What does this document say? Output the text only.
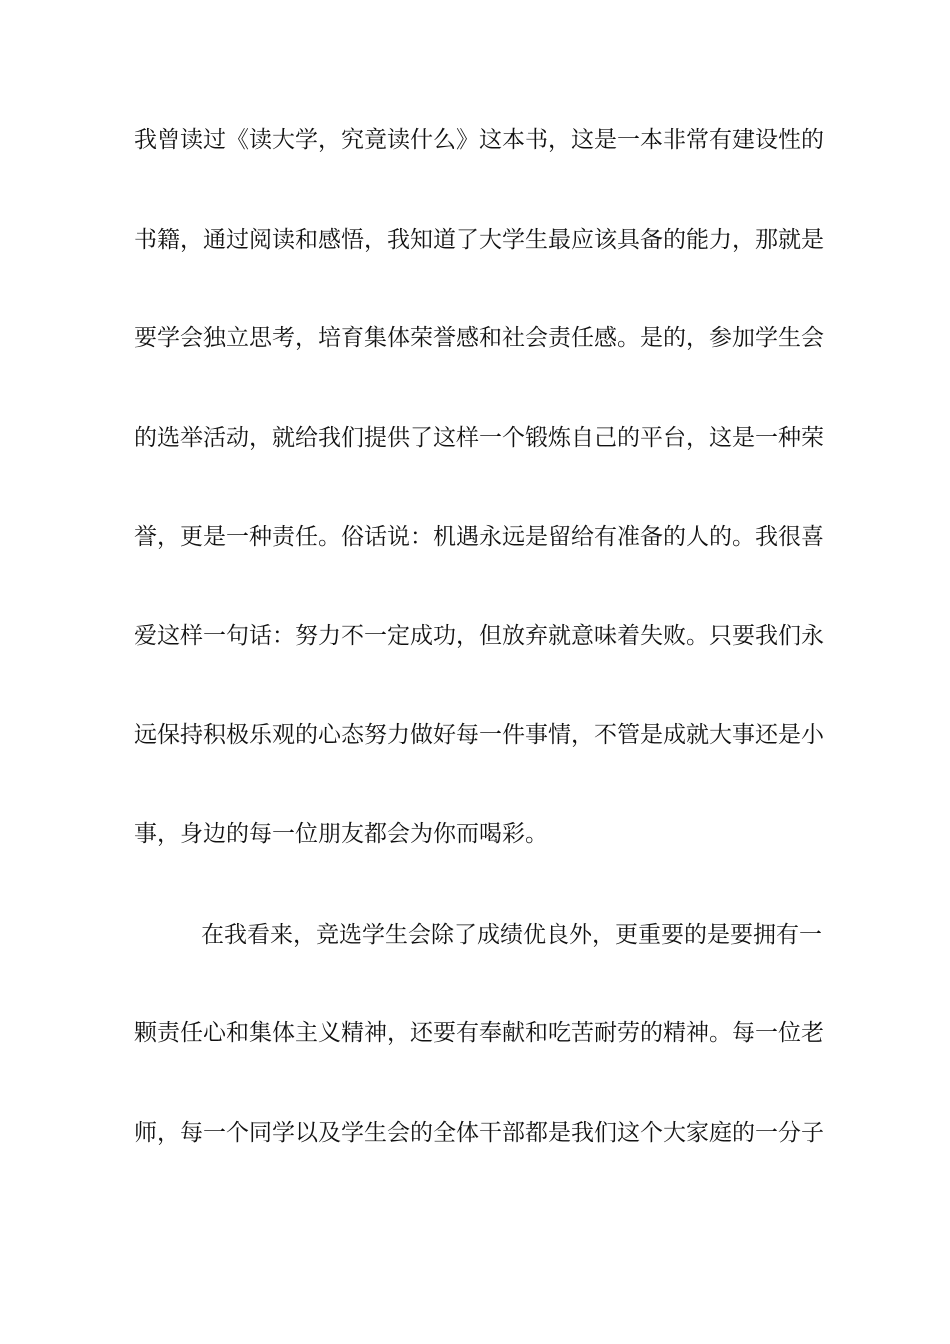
我曾读过《读大学，究竟读什么》这本书，这是一本非常有建设性的
书籍，通过阅读和感悟，我知道了大学生最应该具备的能力，那就是
要学会独立思考，培育集体荣誉感和社会责任感。是的，参加学生会
的选举活动，就给我们提供了这样一个锻炼自己的平台，这是一种荣
誉，更是一种责任。俗话说：机遇永远是留给有准备的人的。我很喜
爱这样一句话：努力不一定成功，但放弃就意味着失败。只要我们永
远保持积极乐观的心态努力做好每一件事情，不管是成就大事还是小
事，身边的每一位朋友都会为你而喝彩。
在我看来，竞选学生会除了成绩优良外，更重要的是要拥有一
颗责任心和集体主义精神，还要有奉献和吃苦耐劳的精神。每一位老
师，每一个同学以及学生会的全体干部都是我们这个大家庭的一分子
